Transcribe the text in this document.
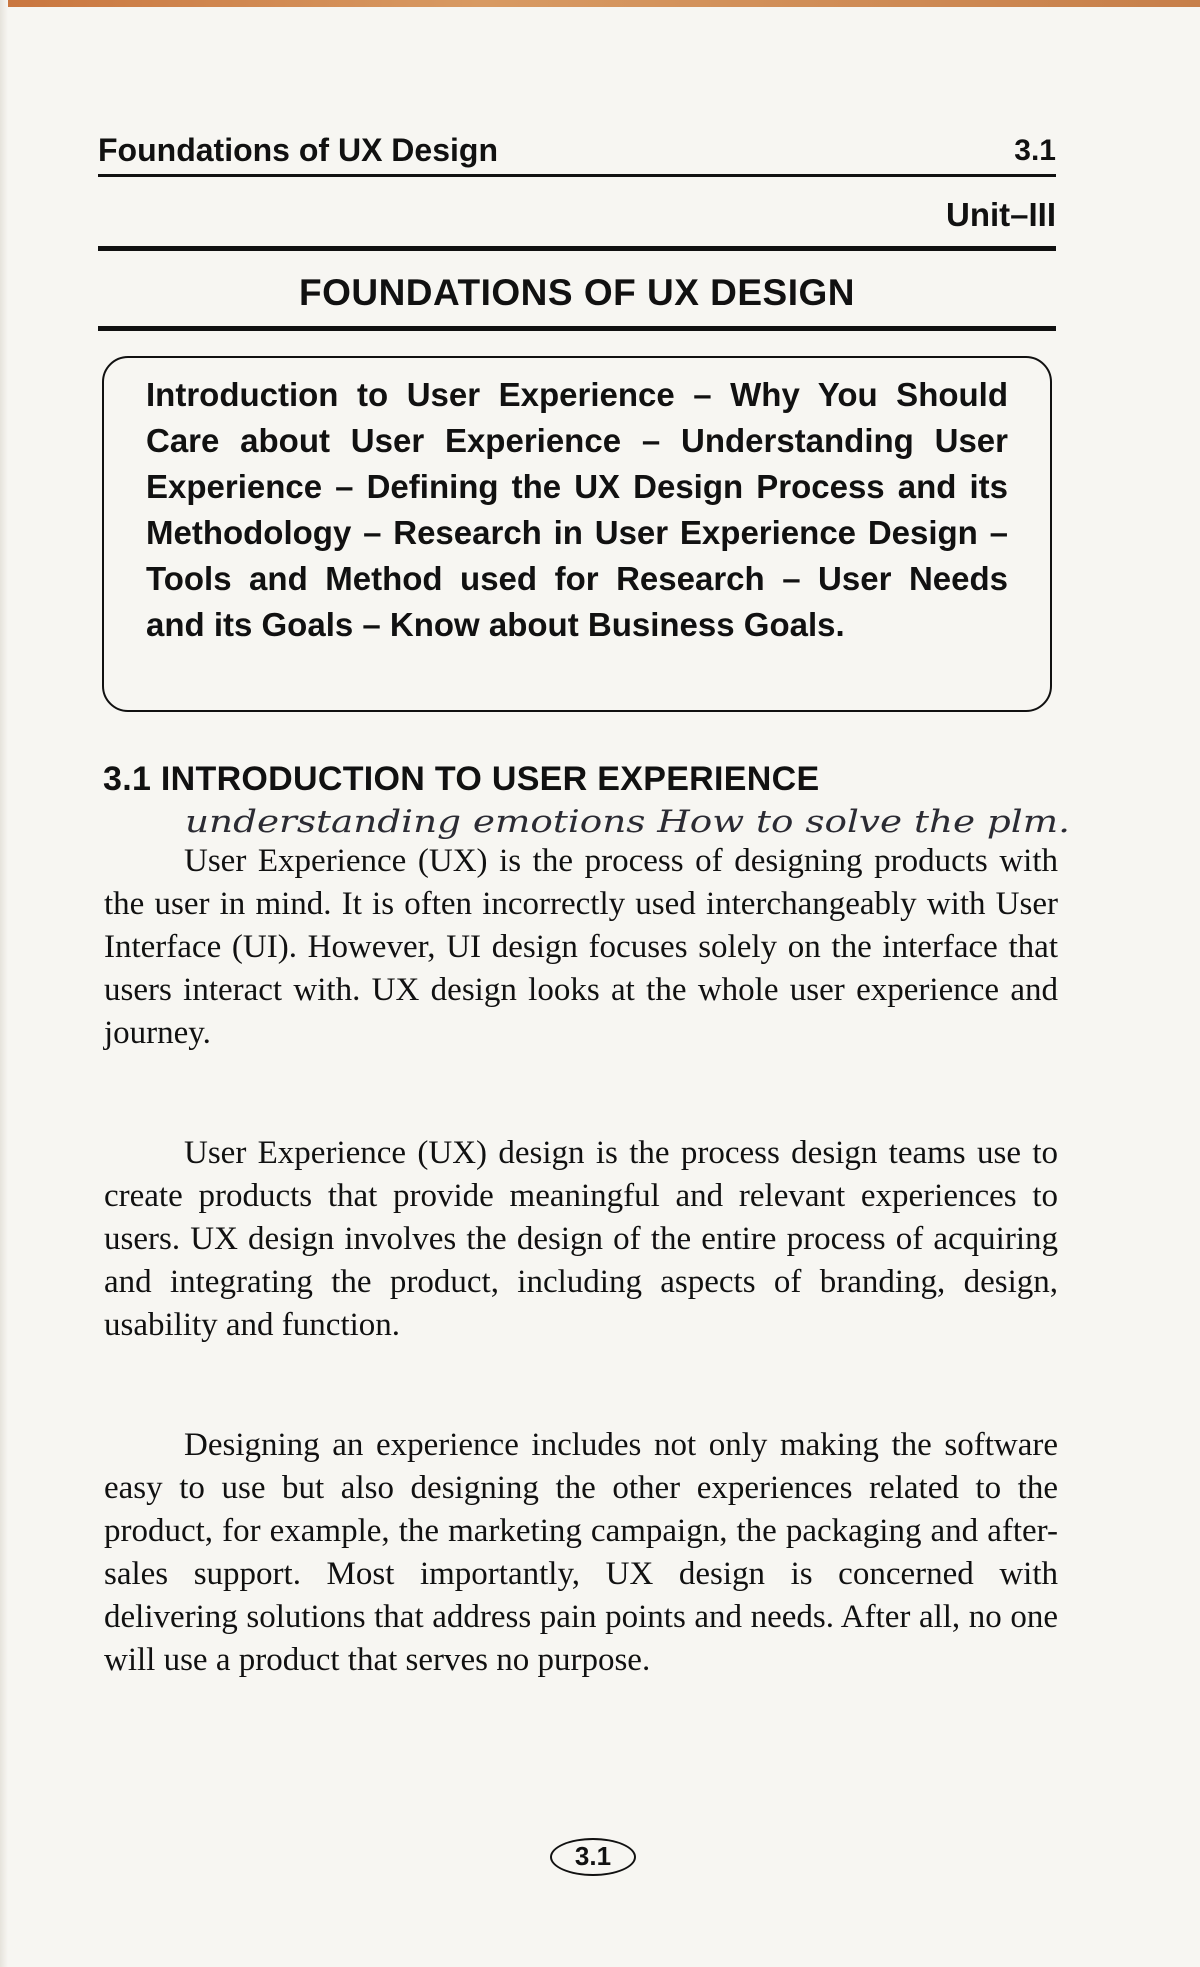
Foundations of UX Design	3.1
Unit–III
FOUNDATIONS OF UX DESIGN
Introduction to User Experience – Why You Should Care about User Experience – Understanding User Experience – Defining the UX Design Process and its Methodology – Research in User Experience Design – Tools and Method used for Research – User Needs and its Goals – Know about Business Goals.
3.1 INTRODUCTION TO USER EXPERIENCE
understanding emotions How to solve the plm.

User Experience (UX) is the process of designing products with the user in mind. It is often incorrectly used interchangeably with User Interface (UI). However, UI design focuses solely on the interface that users interact with. UX design looks at the whole user experience and journey.

User Experience (UX) design is the process design teams use to create products that provide meaningful and relevant experiences to users. UX design involves the design of the entire process of acquiring and integrating the product, including aspects of branding, design, usability and function.

Designing an experience includes not only making the software easy to use but also designing the other experiences related to the product, for example, the marketing campaign, the packaging and after-sales support. Most importantly, UX design is concerned with delivering solutions that address pain points and needs. After all, no one will use a product that serves no purpose.

3.1
